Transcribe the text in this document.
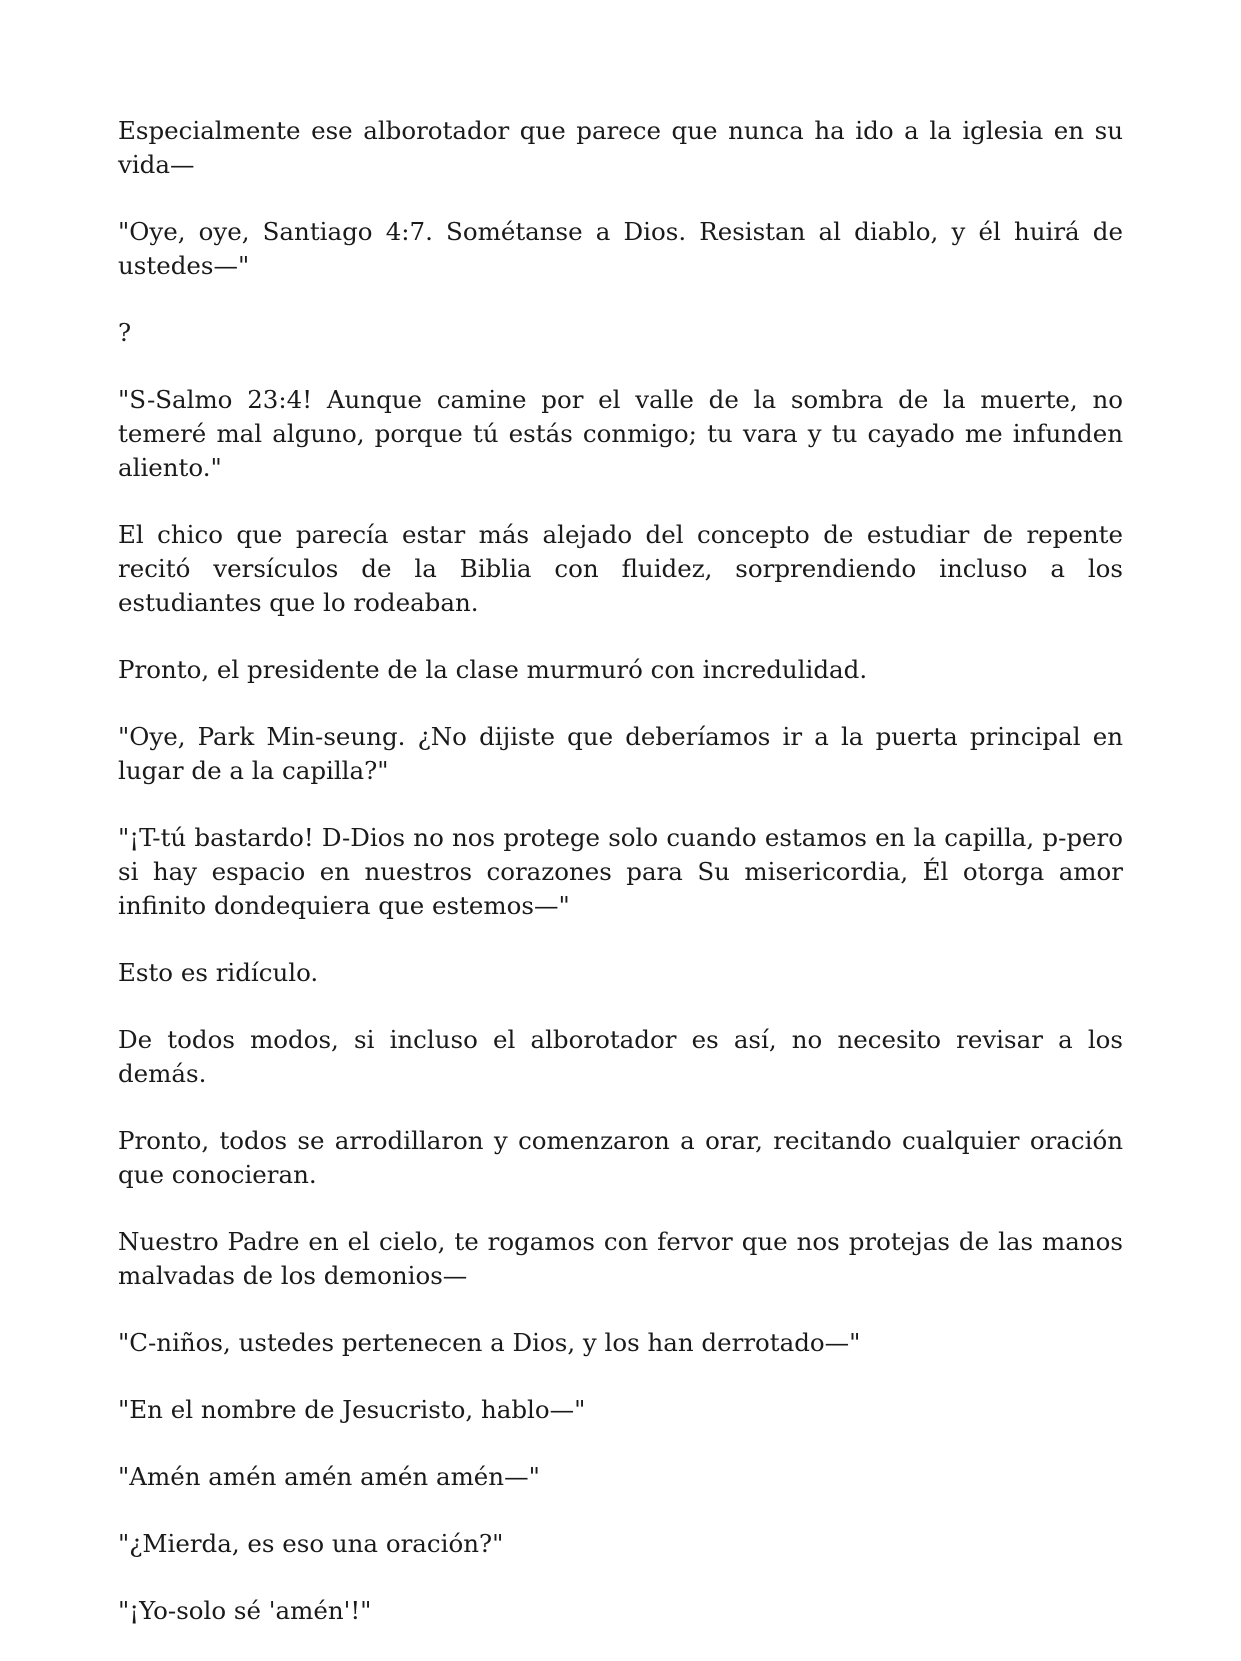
Especialmente ese alborotador que parece que nunca ha ido a la iglesia en su vida—

"Oye, oye, Santiago 4:7. Sométanse a Dios. Resistan al diablo, y él huirá de ustedes—"

?

"S-Salmo 23:4! Aunque camine por el valle de la sombra de la muerte, no temeré mal alguno, porque tú estás conmigo; tu vara y tu cayado me infunden aliento."

El chico que parecía estar más alejado del concepto de estudiar de repente recitó versículos de la Biblia con fluidez, sorprendiendo incluso a los estudiantes que lo rodeaban.

Pronto, el presidente de la clase murmuró con incredulidad.

"Oye, Park Min-seung. ¿No dijiste que deberíamos ir a la puerta principal en lugar de a la capilla?"

"¡T-tú bastardo! D-Dios no nos protege solo cuando estamos en la capilla, p-pero si hay espacio en nuestros corazones para Su misericordia, Él otorga amor infinito dondequiera que estemos—"

Esto es ridículo.

De todos modos, si incluso el alborotador es así, no necesito revisar a los demás.

Pronto, todos se arrodillaron y comenzaron a orar, recitando cualquier oración que conocieran.

Nuestro Padre en el cielo, te rogamos con fervor que nos protejas de las manos malvadas de los demonios—

"C-niños, ustedes pertenecen a Dios, y los han derrotado—"

"En el nombre de Jesucristo, hablo—"

"Amén amén amén amén amén—"

"¿Mierda, es eso una oración?"

"¡Yo-solo sé 'amén'!"
